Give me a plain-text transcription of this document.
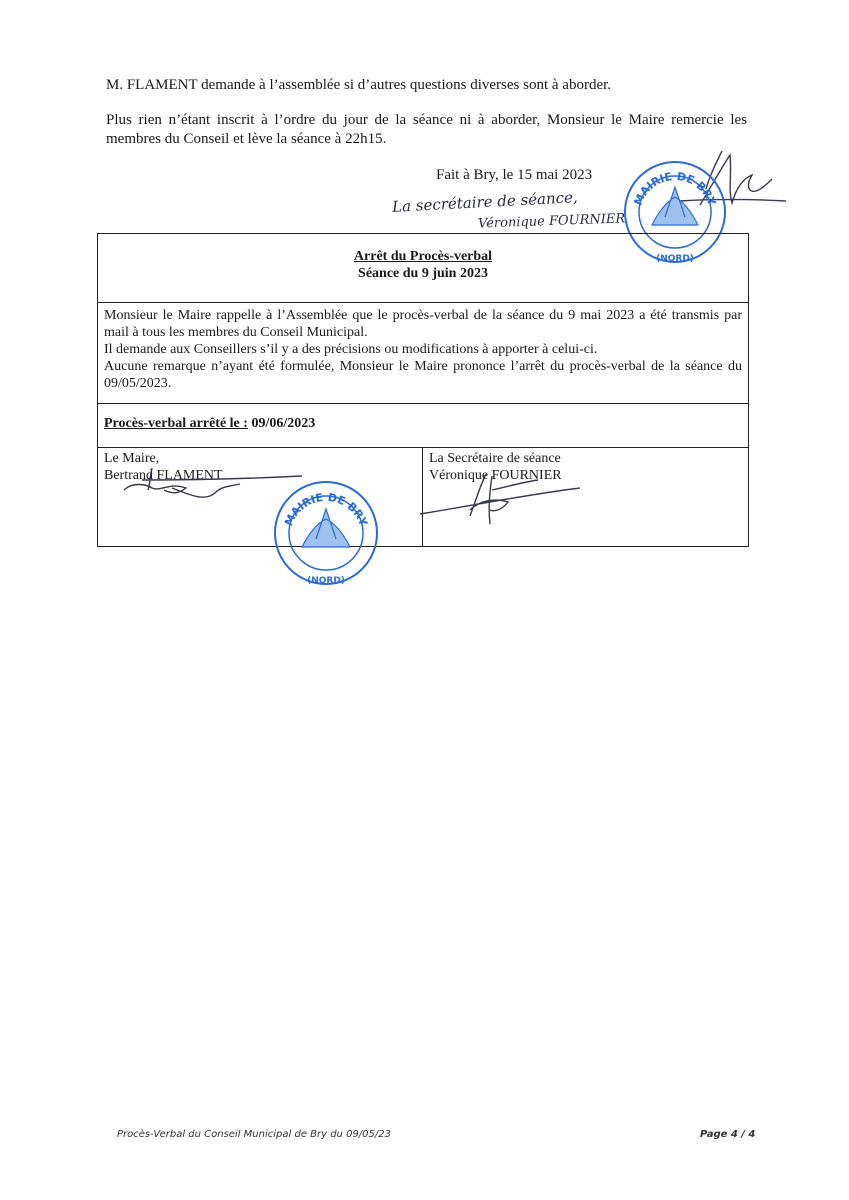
M. FLAMENT demande à l’assemblée si d’autres questions diverses sont à aborder.

Plus rien n’étant inscrit à l’ordre du jour de la séance ni à aborder, Monsieur le Maire remercie les membres du Conseil et lève la séance à 22h15.

Fait à Bry, le 15 mai 2023

La secrétaire de séance,
Véronique FOURNIER
MAIRIE DE BRY
(NORD)
Arrêt du Procès-verbal
Séance du 9 juin 2023

Monsieur le Maire rappelle à l’Assemblée que le procès-verbal de la séance du 9 mai 2023 a été transmis par mail à tous les membres du Conseil Municipal.
Il demande aux Conseillers s’il y a des précisions ou modifications à apporter à celui-ci.
Aucune remarque n’ayant été formulée, Monsieur le Maire prononce l’arrêt du procès-verbal de la séance du 09/05/2023.

Procès-verbal arrêté le : 09/06/2023

Le Maire,
Bertrand FLAMENT

La Secrétaire de séance
Véronique FOURNIER
MAIRIE DE BRY
(NORD)
Procès-Verbal du Conseil Municipal de Bry du 09/05/23	Page 4 / 4
